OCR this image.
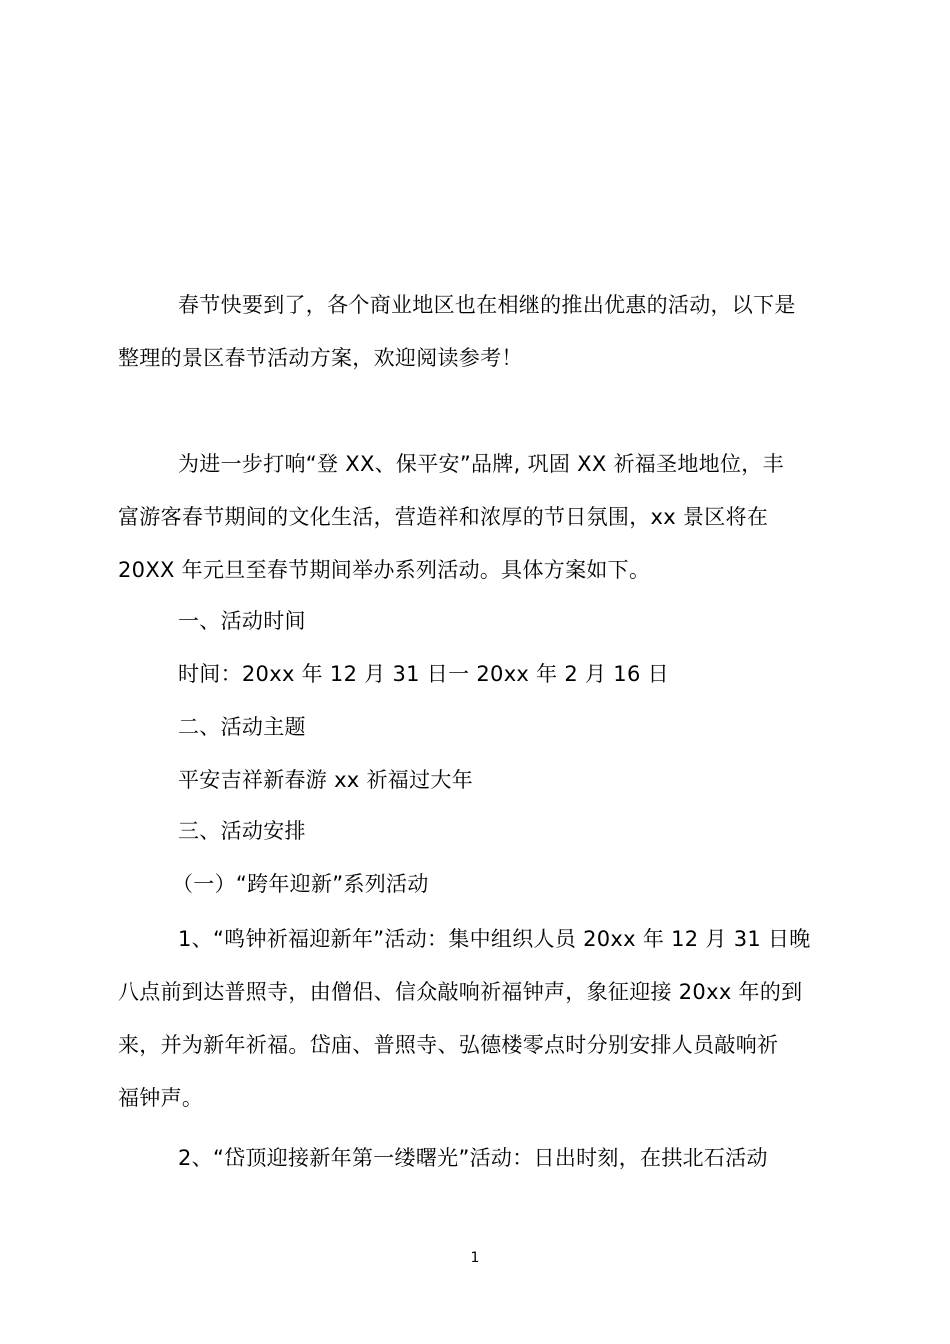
春节快要到了，各个商业地区也在相继的推出优惠的活动，以下是

整理的景区春节活动方案，欢迎阅读参考！

为进一步打响“登 XX、保平安”品牌, 巩固 XX 祈福圣地地位，丰

富游客春节期间的文化生活，营造祥和浓厚的节日氛围，xx 景区将在

20XX 年元旦至春节期间举办系列活动。具体方案如下。

一、活动时间

时间：20xx 年 12 月 31 日一 20xx 年 2 月 16 日

二、活动主题

平安吉祥新春游 xx 祈福过大年

三、活动安排

（一）“跨年迎新”系列活动

1、“鸣钟祈福迎新年”活动：集中组织人员 20xx 年 12 月 31 日晚

八点前到达普照寺，由僧侣、信众敲响祈福钟声，象征迎接 20xx 年的到

来，并为新年祈福。岱庙、普照寺、弘德楼零点时分别安排人员敲响祈

福钟声。

2、“岱顶迎接新年第一缕曙光”活动：日出时刻，在拱北石活动

1
